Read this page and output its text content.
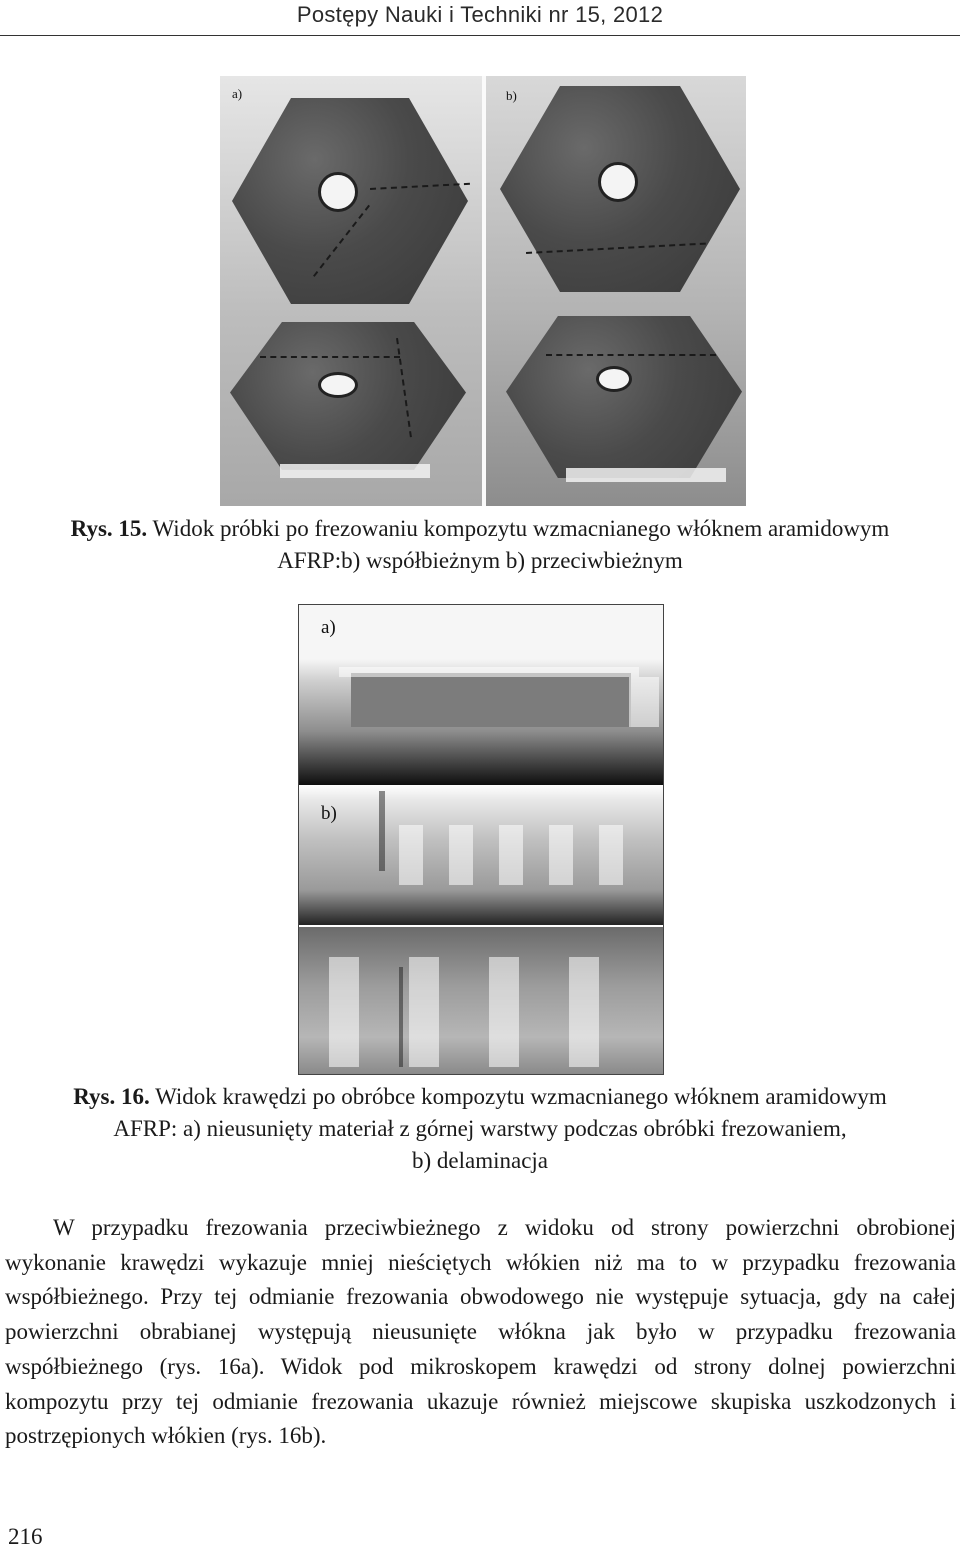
Postępy Nauki i Techniki nr 15, 2012
a)	b)
Rys. 15. Widok próbki po frezowaniu kompozytu wzmacnianego włóknem aramidowym AFRP:b) współbieżnym b) przeciwbieżnym
a)
b)
Rys. 16. Widok krawędzi po obróbce kompozytu wzmacnianego włóknem aramidowym
AFRP: a) nieusunięty materiał z górnej warstwy podczas obróbki frezowaniem,
b) delaminacja

W przypadku frezowania przeciwbieżnego z widoku od strony powierzchni obrobionej wykonanie krawędzi wykazuje mniej nieściętych włókien niż ma to w przypadku frezowania współbieżnego. Przy tej odmianie frezowania obwodowego nie występuje sytuacja, gdy na całej powierzchni obrabianej występują nieusunięte włókna jak było w przypadku frezowania współbieżnego (rys. 16a). Widok pod mikroskopem krawędzi od strony dolnej powierzchni kompozytu przy tej odmianie frezowania ukazuje również miejscowe skupiska uszkodzonych i postrzępionych włókien (rys. 16b).

216
